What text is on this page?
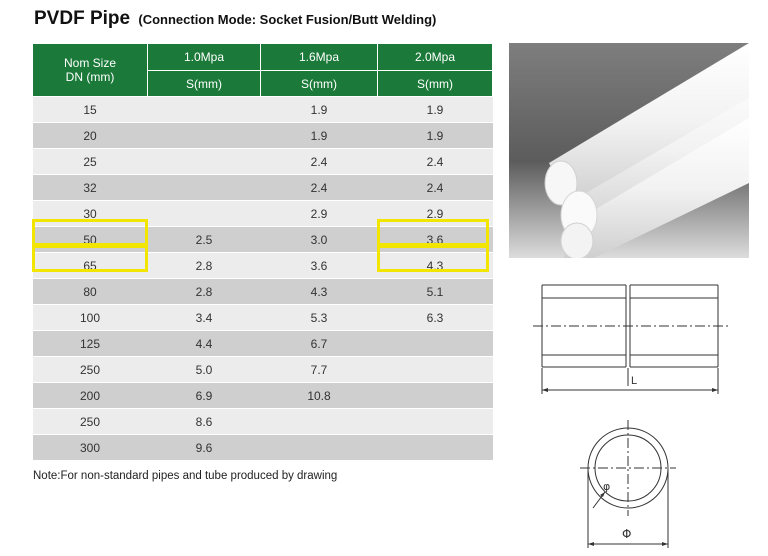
PVDF Pipe (Connection Mode: Socket Fusion/Butt Welding)
Nom Size
DN (mm)	1.0Mpa	1.6Mpa	2.0Mpa
	S(mm)	S(mm)	S(mm)
15		1.9	1.9
20		1.9	1.9
25		2.4	2.4
32		2.4	2.4
30		2.9	2.9
50	2.5	3.0	3.6
65	2.8	3.6	4.3
80	2.8	4.3	5.1
100	3.4	5.3	6.3
125	4.4	6.7	
250	5.0	7.7	
200	6.9	10.8	
250	8.6		
300	9.6		
Note:For non-standard pipes and tube produced by drawing
L
φ
Φ
